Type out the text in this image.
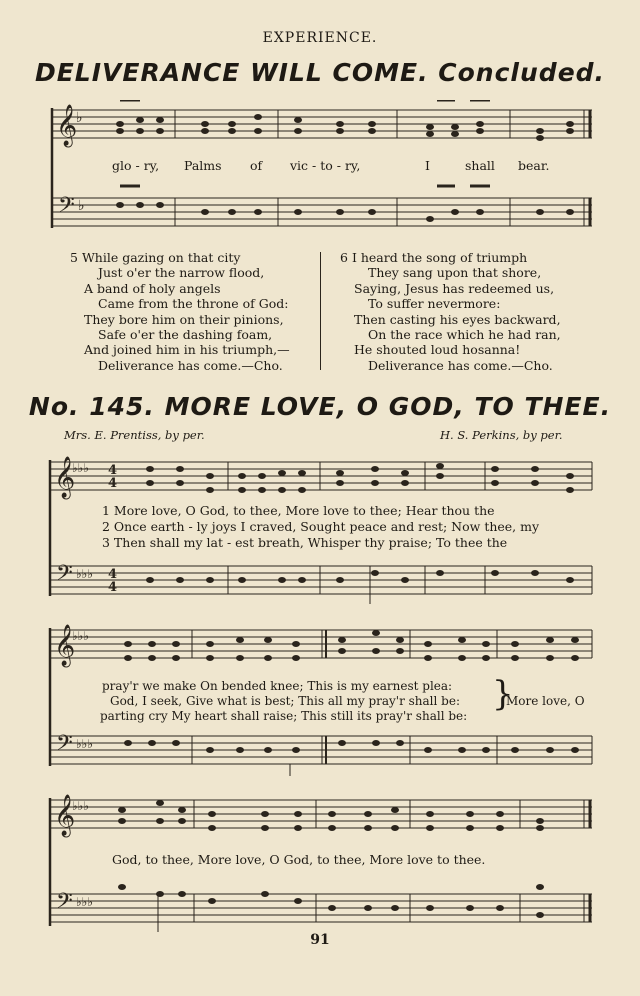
EXPERIENCE.
DELIVERANCE WILL COME. Concluded.
𝄞
♭
𝄢 ♭
glo - ry, Palms of vic - to - ry,	I	shall bear.
5 While gazing on that city
Just o'er the narrow flood,
A band of holy angels
Came from the throne of God:
They bore him on their pinions,
Safe o'er the dashing foam,
And joined him in his triumph,—
Deliverance has come.—Cho.
6 I heard the song of triumph
They sang upon that shore,
Saying, Jesus has redeemed us,
To suffer nevermore:
Then casting his eyes backward,
On the race which he had ran,
He shouted loud hosanna!
Deliverance has come.—Cho.
No. 145. MORE LOVE, O GOD, TO THEE.
Mrs. E. Prentiss, by per.	H. S. Perkins, by per.
𝄞
♭♭♭ 4
4
𝄢 ♭♭♭ 4
4
1 More love, O God, to thee, More love to thee; Hear thou the
2 Once earth - ly joys I craved, Sought peace and rest; Now thee, my
3 Then shall my lat - est breath, Whisper thy praise; To thee the
𝄞
♭♭♭
𝄢 ♭♭♭
pray'r we make On bended knee; This is my earnest plea:
God, I seek, Give what is best; This all my pray'r shall be:
parting cry My heart shall raise; This still its pray'r shall be:
}
More love, O
𝄞
♭♭♭
𝄢 ♭♭♭
God, to thee, More love, O God, to thee, More love to thee.
91
